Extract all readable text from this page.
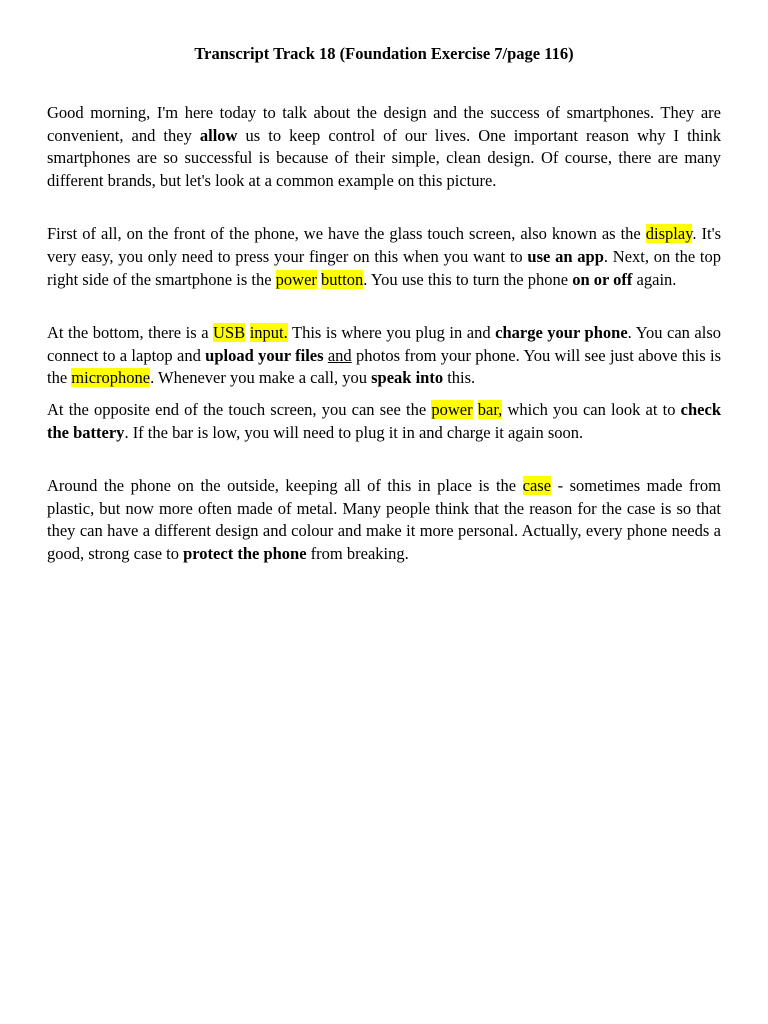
Transcript Track 18 (Foundation Exercise 7/page 116)

Good morning, I'm here today to talk about the design and the success of smartphones. They are convenient, and they allow us to keep control of our lives. One important reason why I think smartphones are so successful is because of their simple, clean design. Of course, there are many different brands, but let's look at a common example on this picture.

First of all, on the front of the phone, we have the glass touch screen, also known as the display. It's very easy, you only need to press your finger on this when you want to use an app. Next, on the top right side of the smartphone is the power button. You use this to turn the phone on or off again.

At the bottom, there is a USB input. This is where you plug in and charge your phone. You can also connect to a laptop and upload your files and photos from your phone. You will see just above this is the microphone. Whenever you make a call, you speak into this.

At the opposite end of the touch screen, you can see the power bar, which you can look at to check the battery. If the bar is low, you will need to plug it in and charge it again soon.

Around the phone on the outside, keeping all of this in place is the case - sometimes made from plastic, but now more often made of metal. Many people think that the reason for the case is so that they can have a different design and colour and make it more personal. Actually, every phone needs a good, strong case to protect the phone from breaking.
